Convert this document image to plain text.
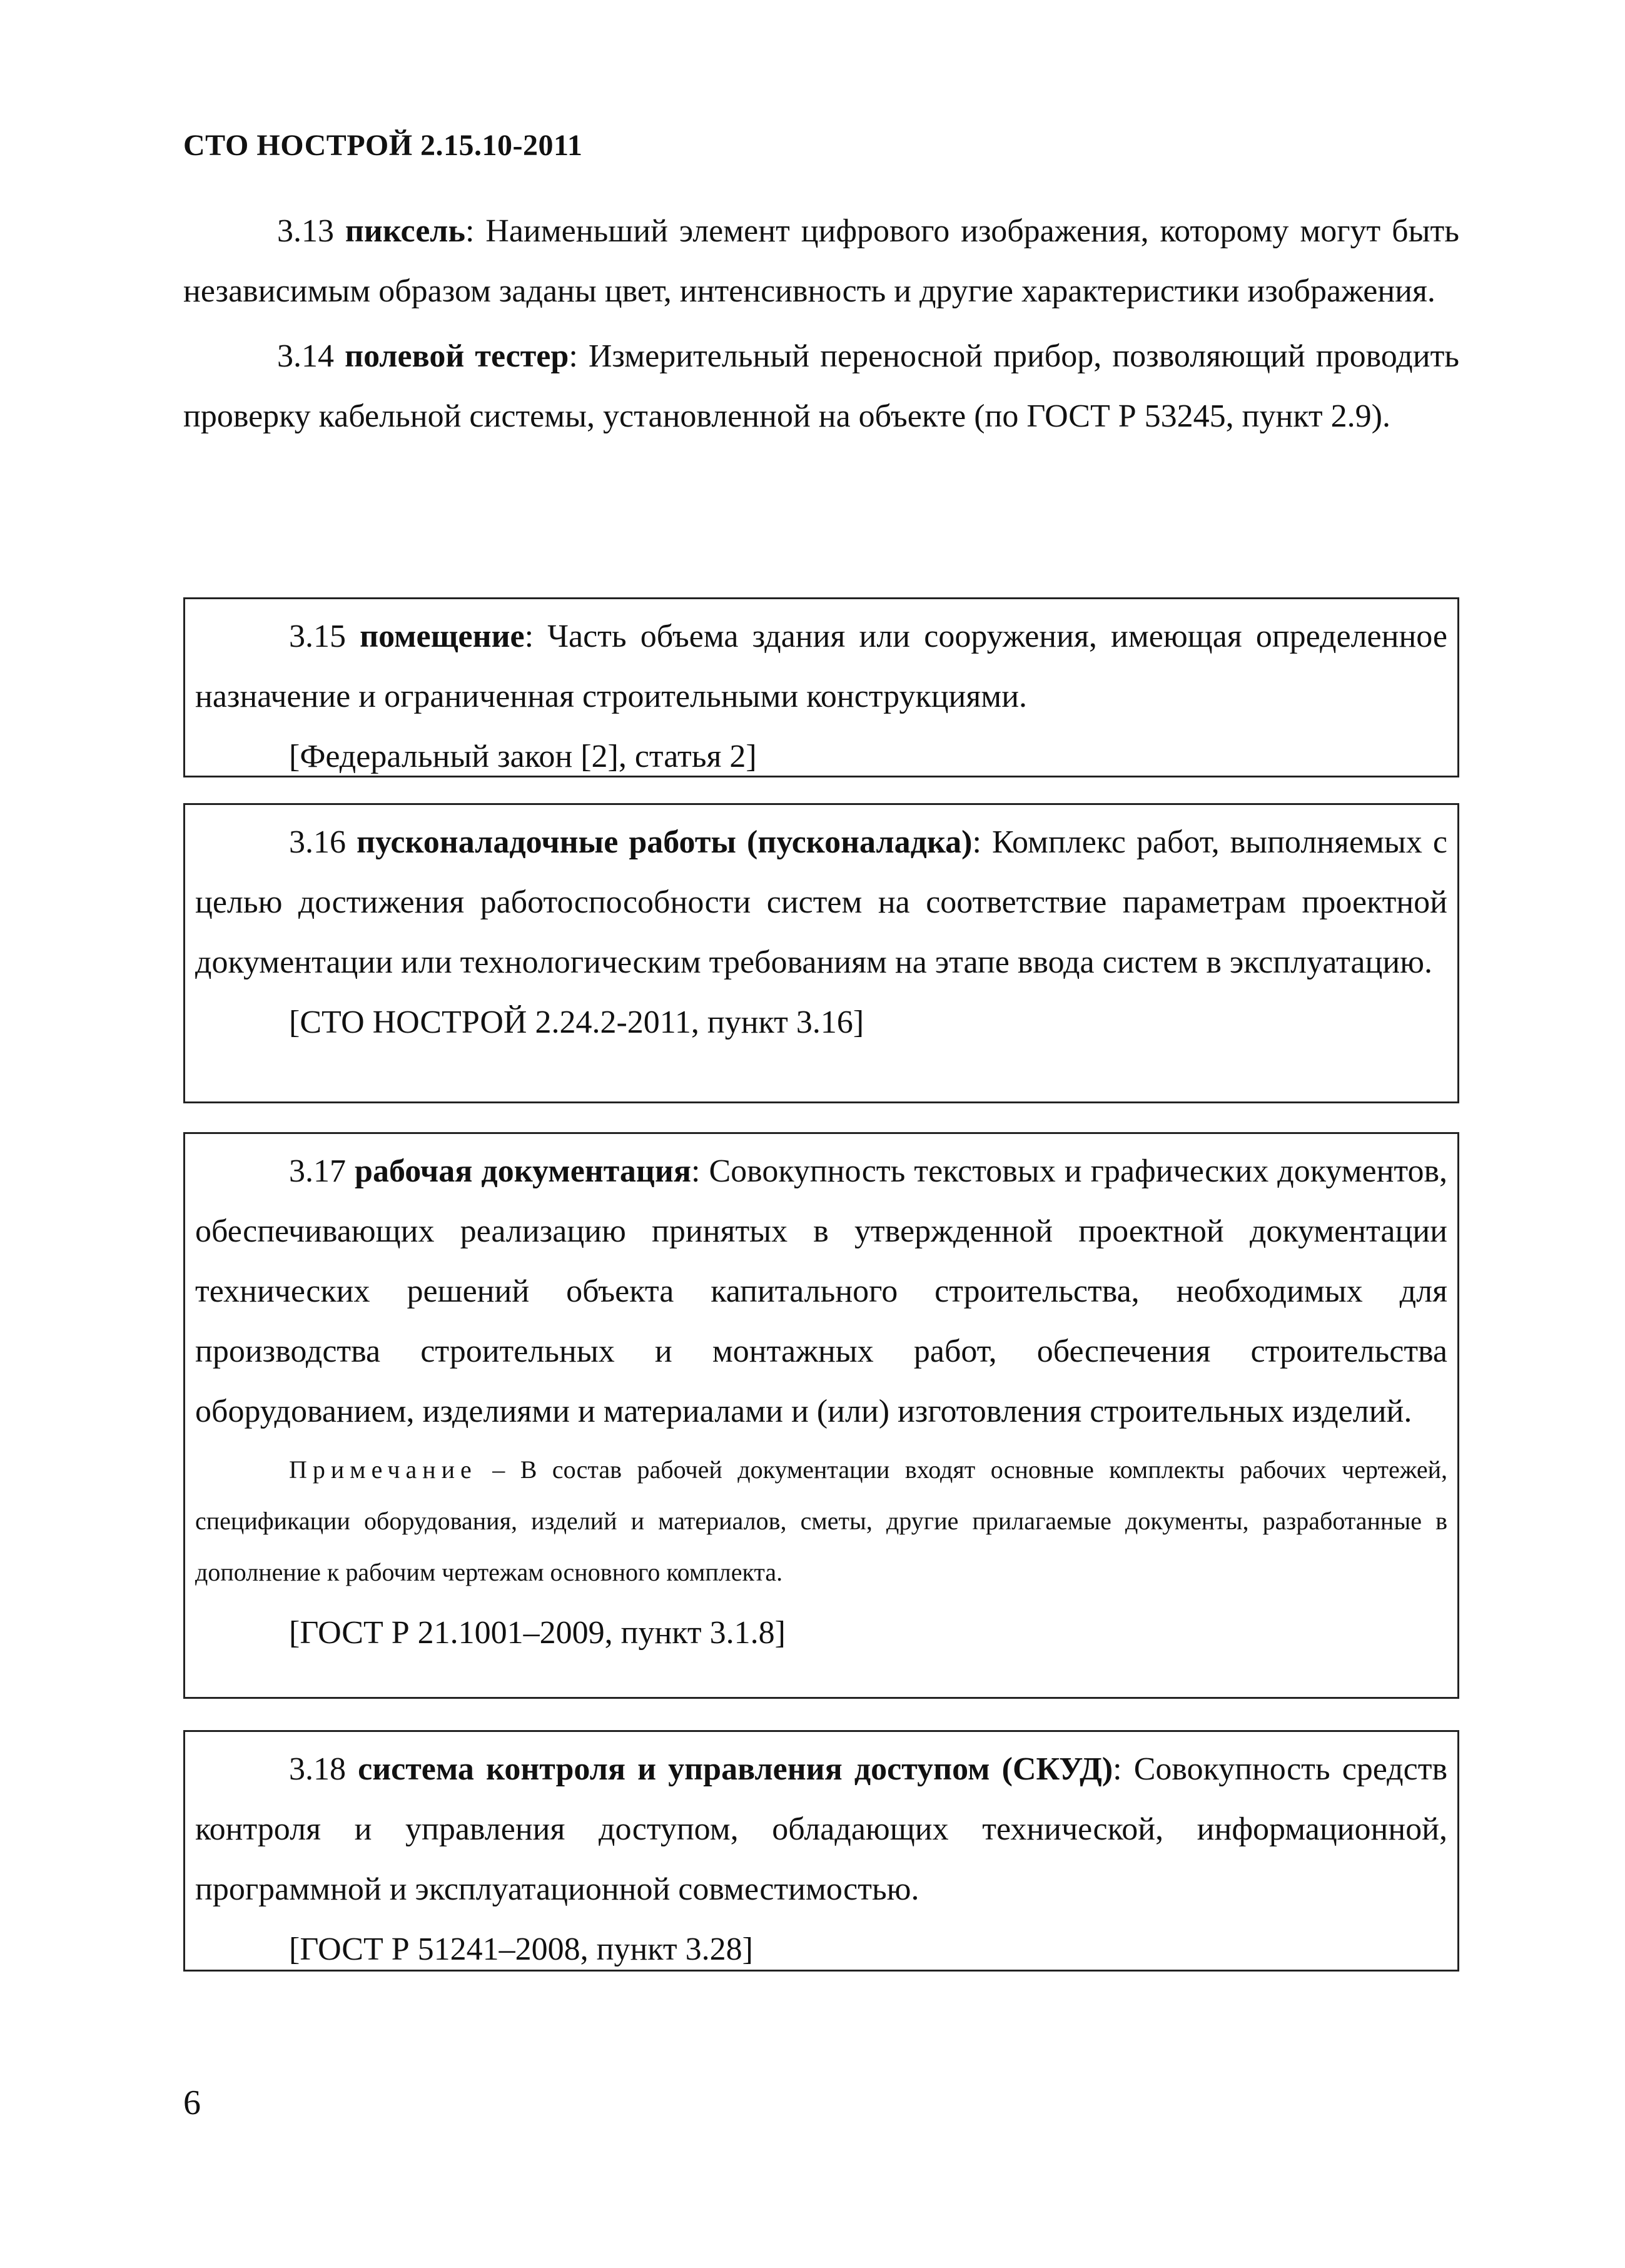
СТО НОСТРОЙ 2.15.10-2011

3.13 пиксель: Наименьший элемент цифрового изображения, которому могут быть независимым образом заданы цвет, интенсивность и другие характеристики изображения.

3.14 полевой тестер: Измерительный переносной прибор, позволяющий проводить проверку кабельной системы, установленной на объекте (по ГОСТ Р 53245, пункт 2.9).

3.15 помещение: Часть объема здания или сооружения, имеющая определенное назначение и ограниченная строительными конструкциями.

[Федеральный закон [2], статья 2]

3.16 пусконаладочные работы (пусконаладка): Комплекс работ, выполняемых с целью достижения работоспособности систем на соответствие параметрам проектной документации или технологическим требованиям на этапе ввода систем в эксплуатацию.

[СТО НОСТРОЙ 2.24.2-2011, пункт 3.16]

3.17 рабочая документация: Совокупность текстовых и графических документов, обеспечивающих реализацию принятых в утвержденной проектной документации технических решений объекта капитального строительства, необходимых для производства строительных и монтажных работ, обеспечения строительства оборудованием, изделиями и материалами и (или) изготовления строительных изделий.

Примечание – В состав рабочей документации входят основные комплекты рабочих чертежей, спецификации оборудования, изделий и материалов, сметы, другие прилагаемые документы, разработанные в дополнение к рабочим чертежам основного комплекта.

[ГОСТ Р 21.1001–2009, пункт 3.1.8]

3.18 система контроля и управления доступом (СКУД): Совокупность средств контроля и управления доступом, обладающих технической, информационной, программной и эксплуатационной совместимостью.

[ГОСТ Р 51241–2008, пункт 3.28]

6
